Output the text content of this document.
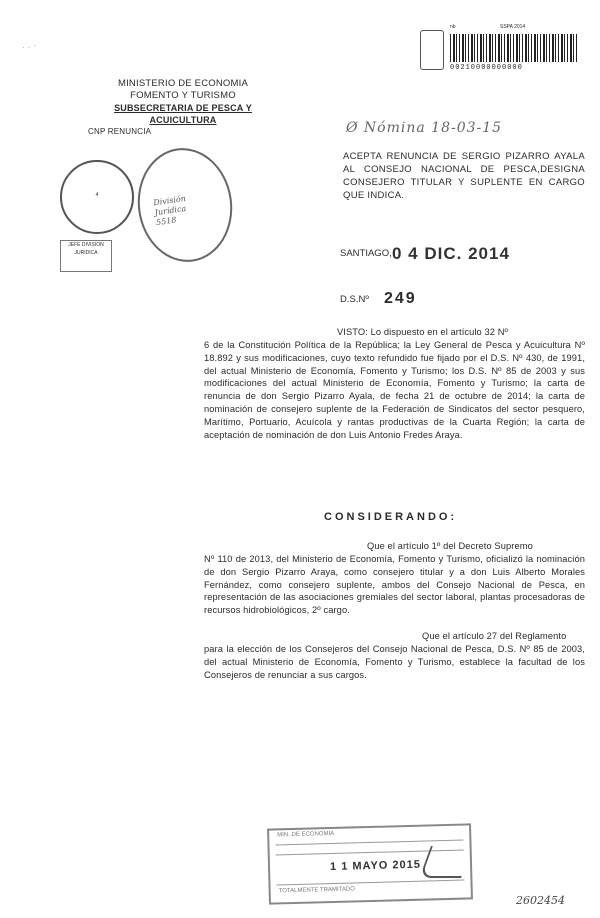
. . ·
MINISTERIO DE ECONOMIA
FOMENTO Y TURISMO
SUBSECRETARIA DE PESCA Y ACUICULTURA
CNP RENUNCIA
nb	SSPA 2014
00210000000000
Ø Nómina 18-03-15
ACEPTA RENUNCIA DE SERGIO PIZARRO AYALA AL CONSEJO NACIONAL DE PESCA,DESIGNA CONSEJERO TITULAR Y SUPLENTE EN CARGO QUE INDICA.
4	División
Jurídica
5518
JEFE DIVISION JURIDICA	SANTIAGO, 0 4 DIC. 2014
D.S.Nº 249
VISTO: Lo dispuesto en el artículo 32 Nº
6 de la Constitución Política de la República; la Ley General de Pesca y Acuicultura Nº 18.892 y sus modificaciones, cuyo texto refundido fue fijado por el D.S. Nº 430, de 1991, del actual Ministerio de Economía, Fomento y Turismo; los D.S. Nº 85 de 2003 y sus modificaciones del actual Ministerio de Economía, Fomento y Turismo; la carta de renuncia de don Sergio Pizarro Ayala, de fecha 21 de octubre de 2014; la carta de nominación de consejero suplente de la Federación de Sindicatos del sector pesquero, Marítimo, Portuario, Acuícola y rantas productivas de la Cuarta Región; la carta de aceptación de nominación de don Luis Antonio Fredes Araya.
CONSIDERANDO:
Que el artículo 1º del Decreto Supremo
Nº 110 de 2013, del Ministerio de Economía, Fomento y Turismo, oficializó la nominación de don Sergio Pizarro Araya, como consejero titular y a don Luis Alberto Morales Fernández, como consejero suplente, ambos del Consejo Nacional de Pesca, en representación de las asociaciones gremiales del sector laboral, plantas procesadoras de recursos hidrobiológicos, 2º cargo.
Que el artículo 27 del Reglamento
para la elección de los Consejeros del Consejo Nacional de Pesca, D.S. Nº 85 de 2003, del actual Ministerio de Economía, Fomento y Turismo, establece la facultad de los Consejeros de renunciar a sus cargos.
MIN. DE ECONOMIA
1 1 MAYO 2015
TOTALMENTE TRAMITADO
2602454
